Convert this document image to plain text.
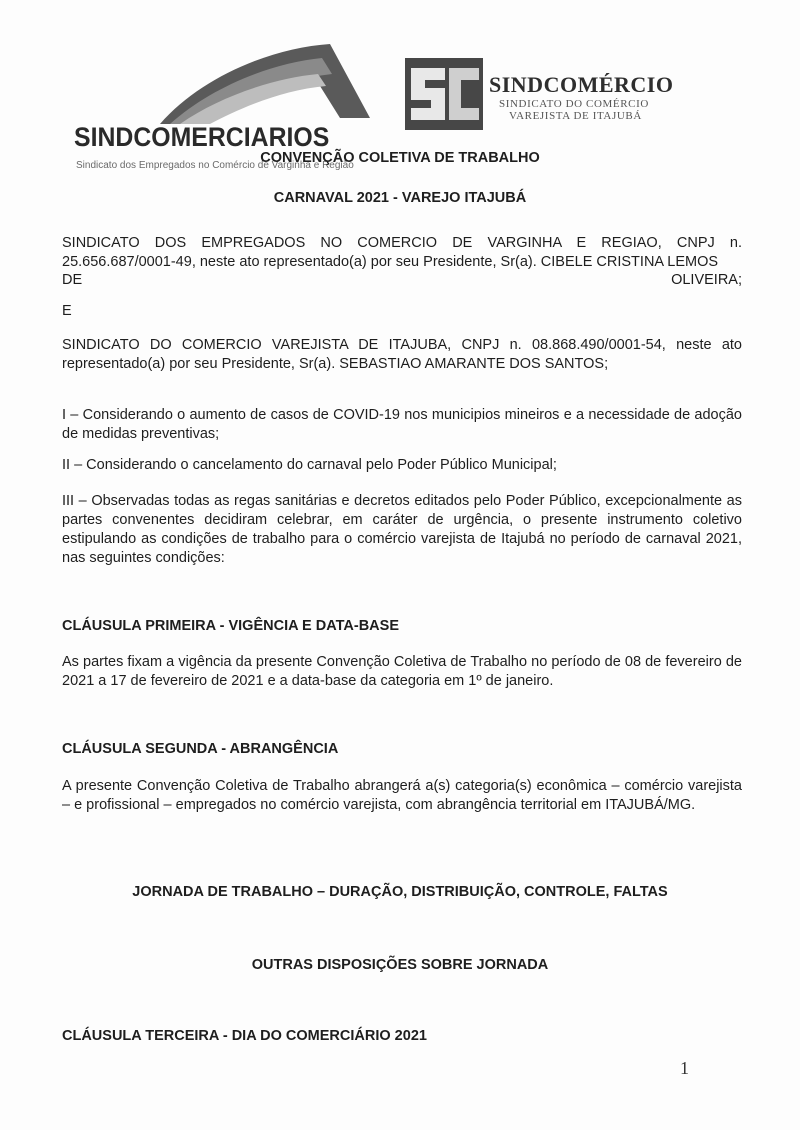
SINDCOMERCIARIOS
Sindicato dos Empregados no Comércio de Varginha e Região
SINDCOMÉRCIO
SINDICATO DO COMÉRCIO
VAREJISTA DE ITAJUBÁ
CONVENÇÃO COLETIVA DE TRABALHO
CARNAVAL 2021 - VAREJO ITAJUBÁ
SINDICATO DOS EMPREGADOS NO COMERCIO DE VARGINHA E REGIAO, CNPJ n. 25.656.687/0001-49, neste ato representado(a) por seu Presidente, Sr(a). CIBELE CRISTINA LEMOS
DE	OLIVEIRA;
E
SINDICATO DO COMERCIO VAREJISTA DE ITAJUBA, CNPJ n. 08.868.490/0001-54, neste ato representado(a) por seu Presidente, Sr(a). SEBASTIAO AMARANTE DOS SANTOS;
I – Considerando o aumento de casos de COVID-19 nos municipios mineiros e a necessidade de adoção de medidas preventivas;
II – Considerando o cancelamento do carnaval pelo Poder Público Municipal;
III – Observadas todas as regas sanitárias e decretos editados pelo Poder Público, excepcionalmente as partes convenentes decidiram celebrar, em caráter de urgência, o presente instrumento coletivo estipulando as condições de trabalho para o comércio varejista de Itajubá no período de carnaval 2021, nas seguintes condições:
CLÁUSULA PRIMEIRA - VIGÊNCIA E DATA-BASE
As partes fixam a vigência da presente Convenção Coletiva de Trabalho no período de 08 de fevereiro de 2021 a 17 de fevereiro de 2021 e a data-base da categoria em 1º de janeiro.
CLÁUSULA SEGUNDA - ABRANGÊNCIA
A presente Convenção Coletiva de Trabalho abrangerá a(s) categoria(s) econômica – comércio varejista – e profissional – empregados no comércio varejista, com abrangência territorial em ITAJUBÁ/MG.
JORNADA DE TRABALHO – DURAÇÃO, DISTRIBUIÇÃO, CONTROLE, FALTAS
OUTRAS DISPOSIÇÕES SOBRE JORNADA
CLÁUSULA TERCEIRA - DIA DO COMERCIÁRIO 2021
1
